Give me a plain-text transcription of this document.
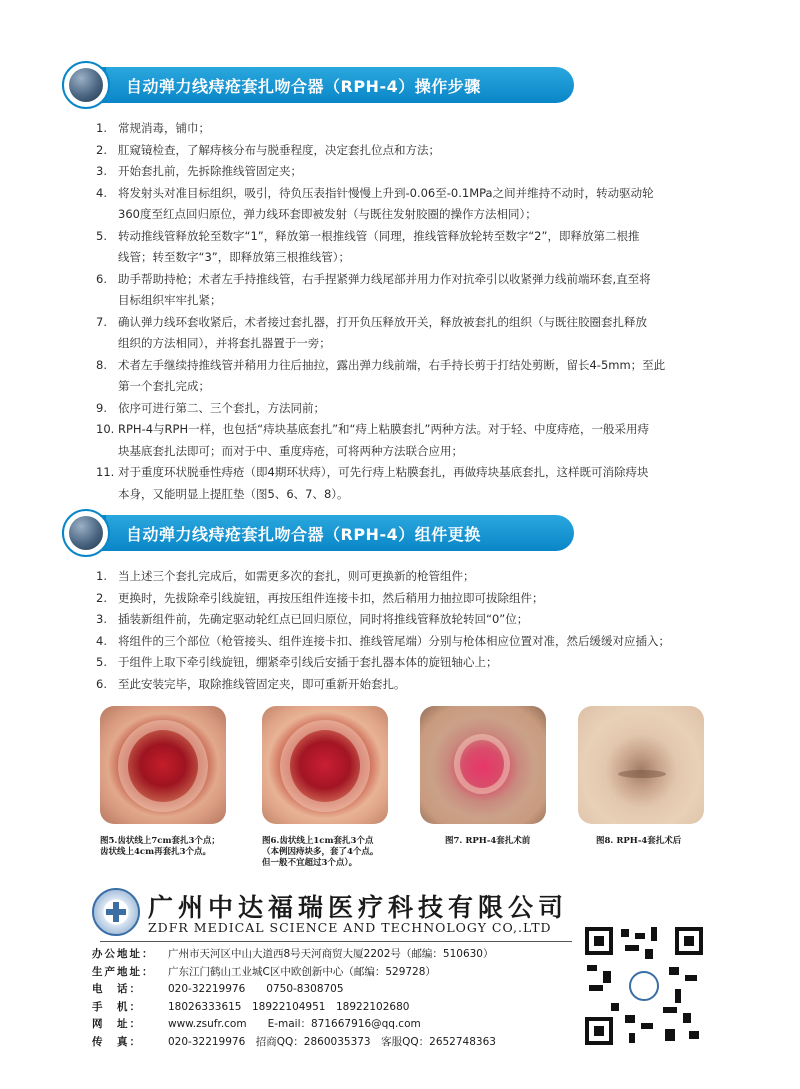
自动弹力线痔疮套扎吻合器（RPH-4）操作步骤
1. 常规消毒，铺巾；
2. 肛窥镜检查，了解痔核分布与脱垂程度，决定套扎位点和方法；
3. 开始套扎前，先拆除推线管固定夹；
4. 将发射头对准目标组织，吸引，待负压表指针慢慢上升到-0.06至-0.1MPa之间并维持不动时，转动驱动轮
360度至红点回归原位，弹力线环套即被发射（与既往发射胶圈的操作方法相同）；
5. 转动推线管释放轮至数字“1”，释放第一根推线管（同理，推线管释放轮转至数字“2”，即释放第二根推
线管；转至数字“3”，即释放第三根推线管）；
6. 助手帮助持枪；术者左手持推线管，右手捏紧弹力线尾部并用力作对抗牵引以收紧弹力线前端环套,直至将
目标组织牢牢扎紧；
7. 确认弹力线环套收紧后，术者接过套扎器，打开负压释放开关，释放被套扎的组织（与既往胶圈套扎释放
组织的方法相同），并将套扎器置于一旁；
8. 术者左手继续持推线管并稍用力往后抽拉，露出弹力线前端，右手持长剪于打结处剪断，留长4-5mm；至此
第一个套扎完成；
9. 依序可进行第二、三个套扎，方法同前；
10. RPH-4与RPH一样，也包括“痔块基底套扎”和“痔上粘膜套扎”两种方法。对于轻、中度痔疮，一般采用痔
块基底套扎法即可；而对于中、重度痔疮，可将两种方法联合应用；
11. 对于重度环状脱垂性痔疮（即4期环状痔），可先行痔上粘膜套扎，再做痔块基底套扎，这样既可消除痔块
本身，又能明显上提肛垫（图5、6、7、8）。
自动弹力线痔疮套扎吻合器（RPH-4）组件更换
1. 当上述三个套扎完成后，如需更多次的套扎，则可更换新的枪管组件；
2. 更换时，先拔除牵引线旋钮，再按压组件连接卡扣，然后稍用力抽拉即可拔除组件；
3. 插装新组件前，先确定驱动轮红点已回归原位，同时将推线管释放轮转回“0”位；
4. 将组件的三个部位（枪管接头、组件连接卡扣、推线管尾端）分别与枪体相应位置对准，然后缓缓对应插入；
5. 于组件上取下牵引线旋钮，绷紧牵引线后安插于套扎器本体的旋钮轴心上；
6. 至此安装完毕，取除推线管固定夹，即可重新开始套扎。
图5.齿状线上7cm套扎3个点；
齿状线上4cm再套扎3个点。
图6.齿状线上1cm套扎3个点
（本例因痔块多，套了4个点。
但一般不宜超过3个点）。
图7. RPH-4套扎术前	图8. RPH-4套扎术后
广州中达福瑞医疗科技有限公司
ZDFR MEDICAL SCIENCE AND TECHNOLOGY CO,.LTD
办公地址： 广州市天河区中山大道西8号天河商贸大厦2202号（邮编：510630）
生产地址： 广东江门鹤山工业城C区中欧创新中心（邮编：529728）
电　话： 020-32219976　　0750-8308705
手　机： 18026333615　18922104951　18922102680
网　址： www.zsufr.com　　E-mail：871667916@qq.com
传　真： 020-32219976　招商QQ：2860035373　客服QQ：2652748363
